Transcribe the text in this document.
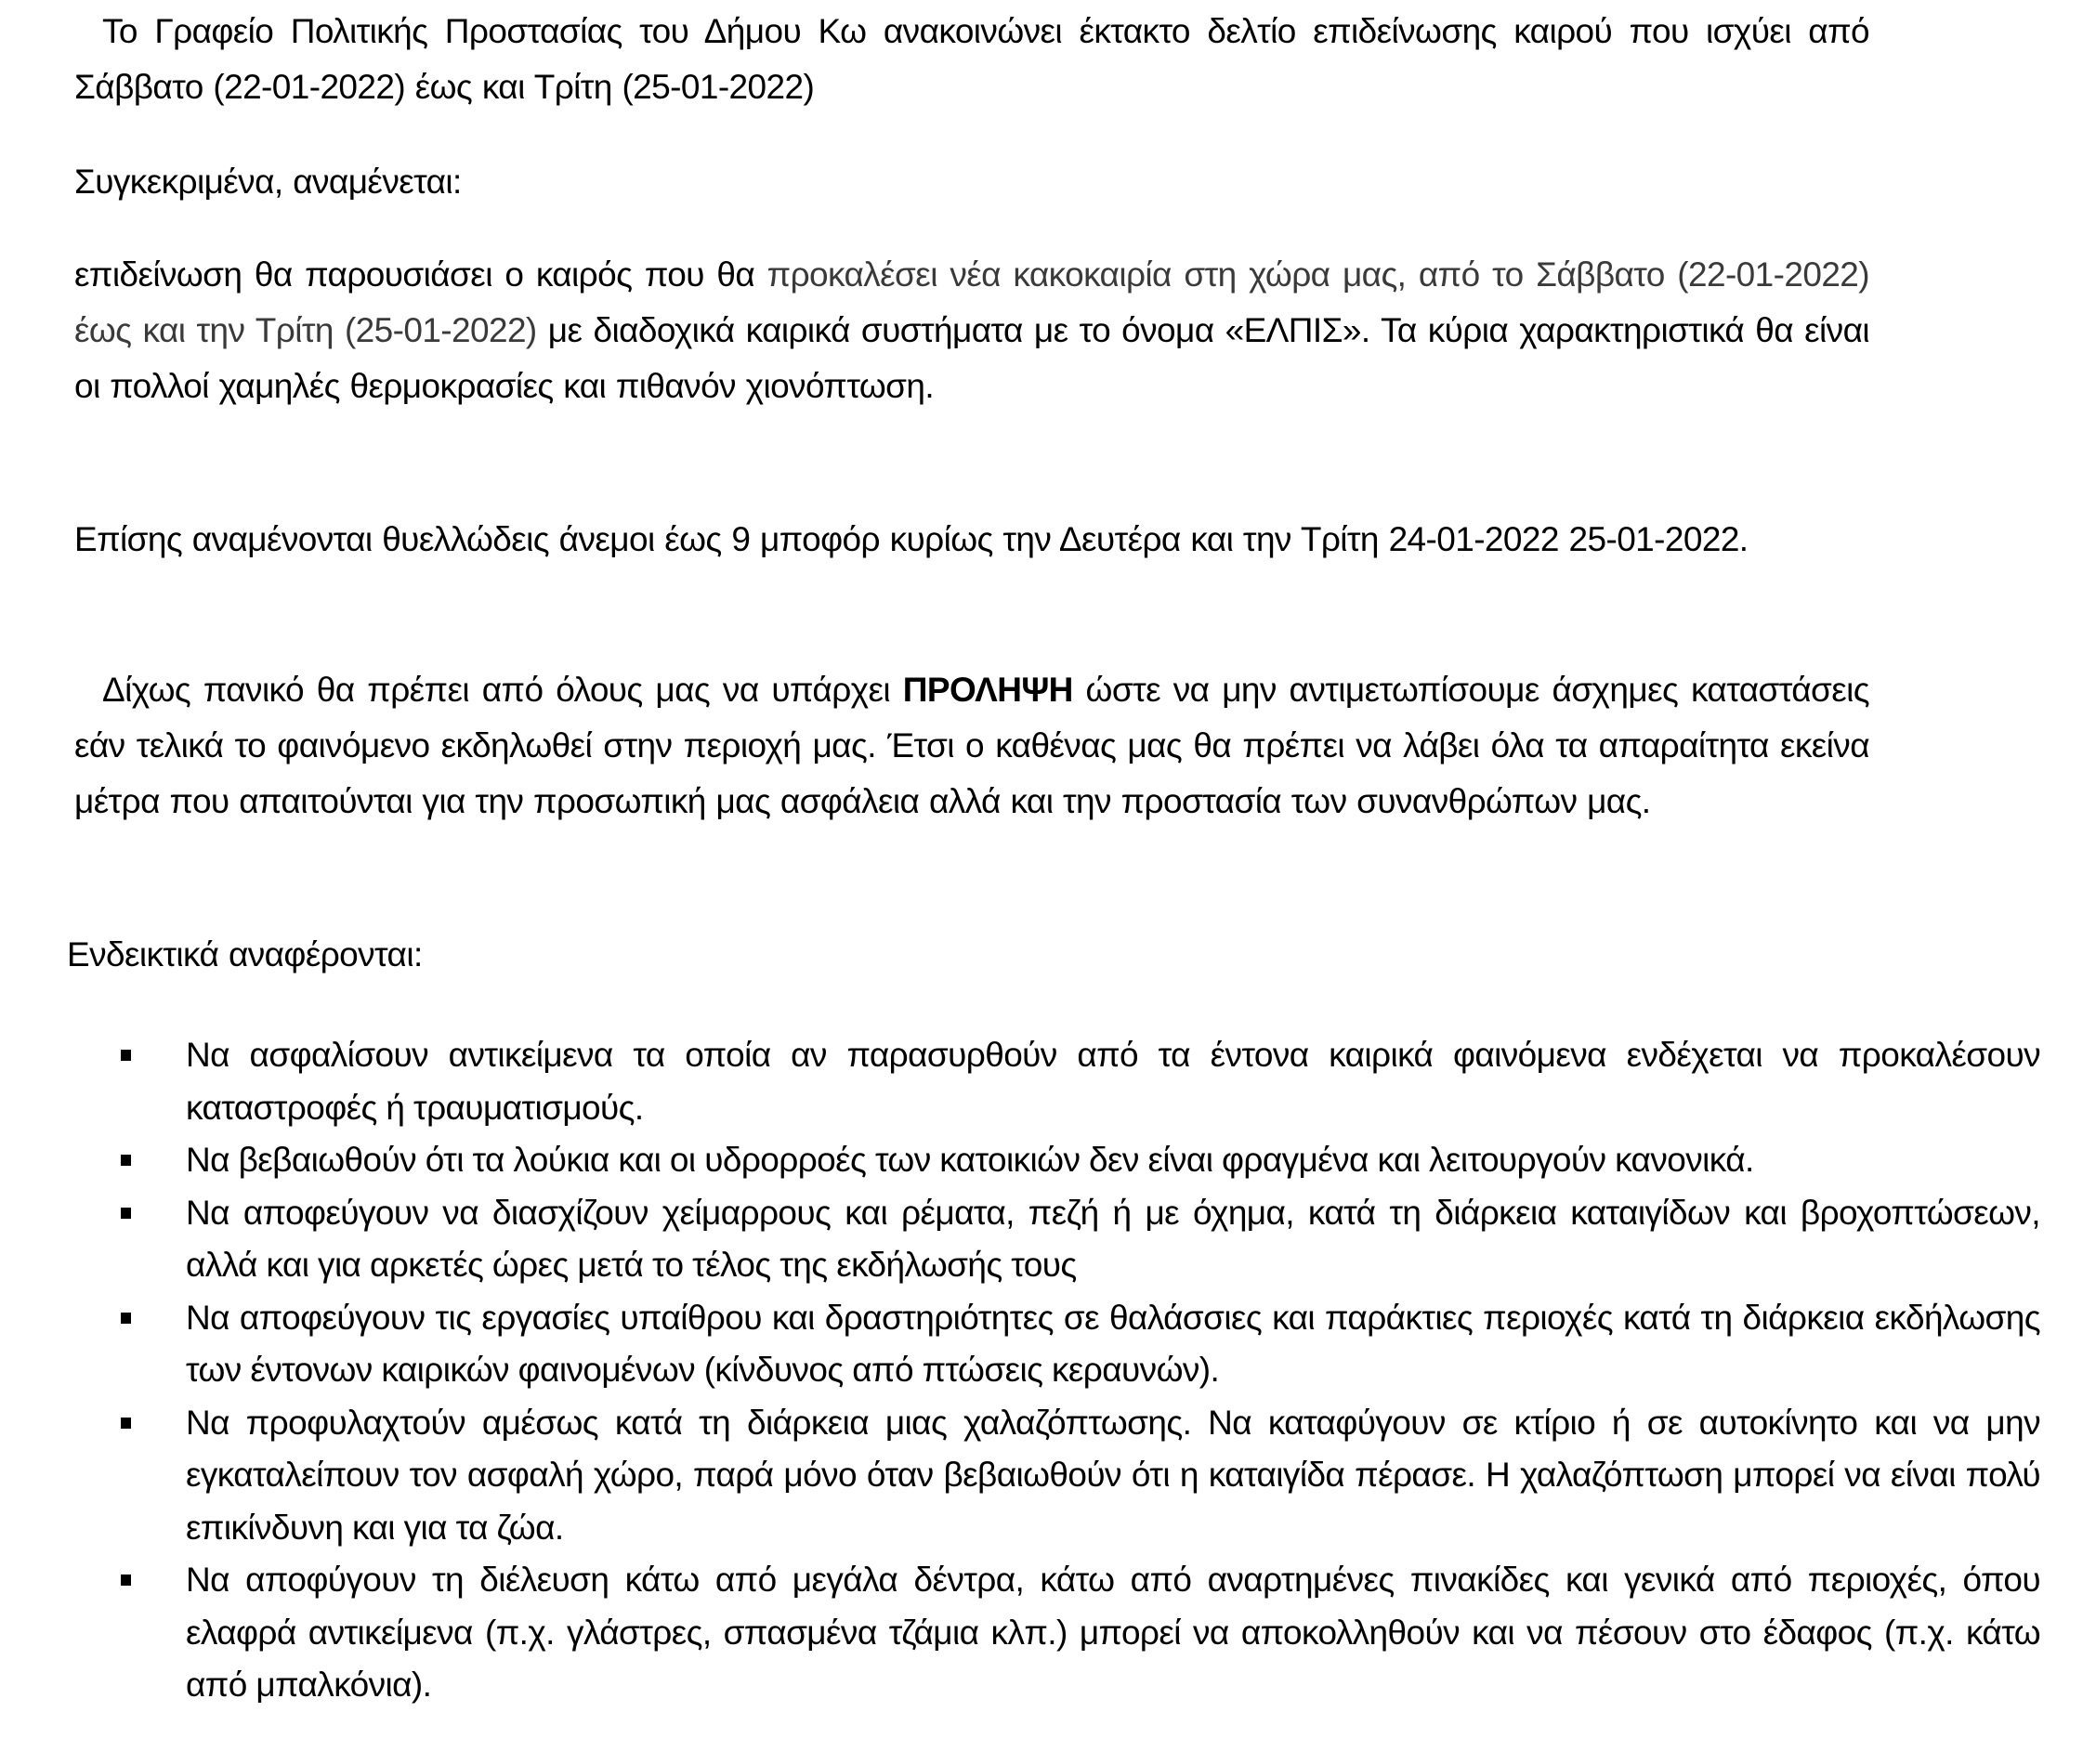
Το Γραφείο Πολιτικής Προστασίας του Δήμου Κω ανακοινώνει έκτακτο δελτίο επιδείνωσης καιρού που ισχύει από Σάββατο (22-01-2022) έως και Τρίτη (25-01-2022)

Συγκεκριμένα, αναμένεται:

επιδείνωση θα παρουσιάσει ο καιρός που θα προκαλέσει νέα κακοκαιρία στη χώρα μας, από το Σάββατο (22-01-2022) έως και την Τρίτη (25-01-2022) με διαδοχικά καιρικά συστήματα με το όνομα «ΕΛΠΙΣ». Τα κύρια χαρακτηριστικά θα είναι οι πολλοί χαμηλές θερμοκρασίες και πιθανόν χιονόπτωση.

Επίσης αναμένονται θυελλώδεις άνεμοι έως 9 μποφόρ κυρίως την Δευτέρα και την Τρίτη 24-01-2022 25-01-2022.

Δίχως πανικό θα πρέπει από όλους μας να υπάρχει ΠΡΟΛΗΨΗ ώστε να μην αντιμετωπίσουμε άσχημες καταστάσεις εάν τελικά το φαινόμενο εκδηλωθεί στην περιοχή μας. Έτσι ο καθένας μας θα πρέπει να λάβει όλα τα απαραίτητα εκείνα μέτρα που απαιτούνται για την προσωπική μας ασφάλεια αλλά και την προστασία των συνανθρώπων μας.

Ενδεικτικά αναφέρονται:

Να ασφαλίσουν αντικείμενα τα οποία αν παρασυρθούν από τα έντονα καιρικά φαινόμενα ενδέχεται να προκαλέσουν καταστροφές ή τραυματισμούς.
Να βεβαιωθούν ότι τα λούκια και οι υδρορροές των κατοικιών δεν είναι φραγμένα και λειτουργούν κανονικά.
Να αποφεύγουν να διασχίζουν χείμαρρους και ρέματα, πεζή ή με όχημα, κατά τη διάρκεια καταιγίδων και βροχοπτώσεων, αλλά και για αρκετές ώρες μετά το τέλος της εκδήλωσής τους
Να αποφεύγουν τις εργασίες υπαίθρου και δραστηριότητες σε θαλάσσιες και παράκτιες περιοχές κατά τη διάρκεια εκδήλωσης των έντονων καιρικών φαινομένων (κίνδυνος από πτώσεις κεραυνών).
Να προφυλαχτούν αμέσως κατά τη διάρκεια μιας χαλαζόπτωσης. Να καταφύγουν σε κτίριο ή σε αυτοκίνητο και να μην εγκαταλείπουν τον ασφαλή χώρο, παρά μόνο όταν βεβαιωθούν ότι η καταιγίδα πέρασε. Η χαλαζόπτωση μπορεί να είναι πολύ επικίνδυνη και για τα ζώα.
Να αποφύγουν τη διέλευση κάτω από μεγάλα δέντρα, κάτω από αναρτημένες πινακίδες και γενικά από περιοχές, όπου ελαφρά αντικείμενα (π.χ. γλάστρες, σπασμένα τζάμια κλπ.) μπορεί να αποκολληθούν και να πέσουν στο έδαφος (π.χ. κάτω από μπαλκόνια).
